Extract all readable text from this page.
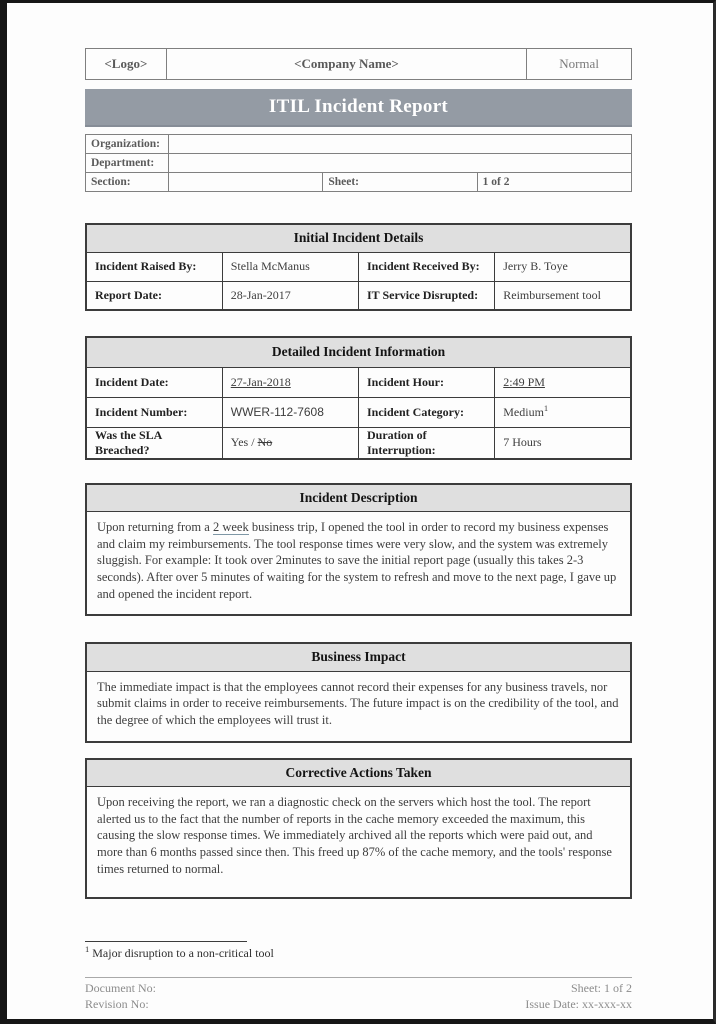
<Logo>	<Company Name>	Normal
ITIL Incident Report
Organization:			
Department:			
Section:		Sheet:	1 of 2
Initial Incident Details			
Incident Raised By:	Stella McManus	Incident Received By:	Jerry B. Toye
Report Date:	28-Jan-2017	IT Service Disrupted:	Reimbursement tool
Detailed Incident Information			
Incident Date:	27-Jan-2018	Incident Hour:	2:49 PM
Incident Number:	WWER-112-7608	Incident Category:	Medium$^1$
Was the SLA Breached?	Yes / No	Duration of Interruption:	7 Hours
Incident Description
Upon returning from a 2 week business trip, I opened the tool in order to record my business expenses and claim my reimbursements. The tool response times were very slow, and the system was extremely sluggish. For example: It took over 2minutes to save the initial report page (usually this takes 2-3 seconds). After over 5 minutes of waiting for the system to refresh and move to the next page, I gave up and opened the incident report.
Business Impact
The immediate impact is that the employees cannot record their expenses for any business travels, nor submit claims in order to receive reimbursements. The future impact is on the credibility of the tool, and the degree of which the employees will trust it.
Corrective Actions Taken
Upon receiving the report, we ran a diagnostic check on the servers which host the tool. The report alerted us to the fact that the number of reports in the cache memory exceeded the maximum, this causing the slow response times. We immediately archived all the reports which were paid out, and more than 6 months passed since then. This freed up 87% of the cache memory, and the tools' response times returned to normal.
$^1$ Major disruption to a non-critical tool
Document No:
Revision No:
Sheet: 1 of 2
Issue Date: xx-xxx-xx
